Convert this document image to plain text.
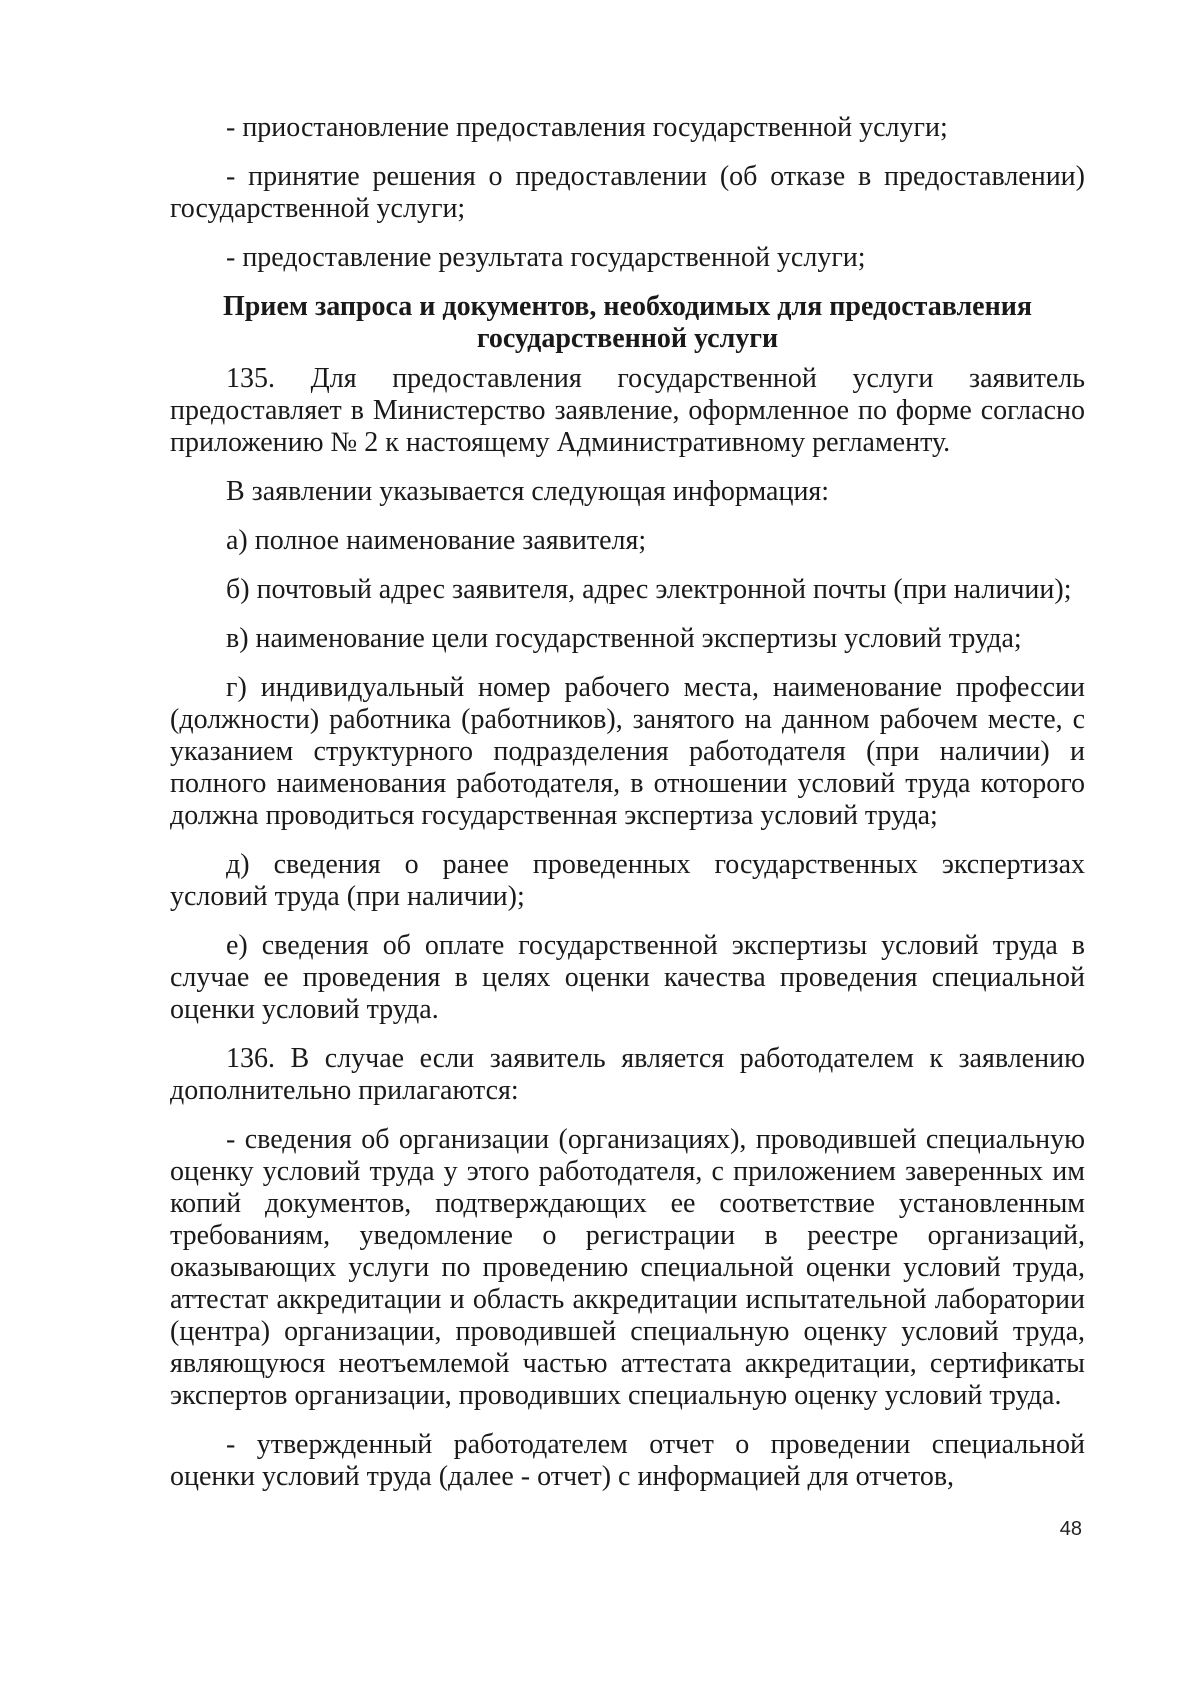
- приостановление предоставления государственной услуги;

- принятие решения о предоставлении (об отказе в предоставлении) государственной услуги;

- предоставление результата государственной услуги;

Прием запроса и документов, необходимых для предоставления
государственной услуги

135. Для предоставления государственной услуги заявитель предоставляет в Министерство заявление, оформленное по форме согласно приложению № 2 к настоящему Административному регламенту.

В заявлении указывается следующая информация:

а) полное наименование заявителя;

б) почтовый адрес заявителя, адрес электронной почты (при наличии);

в) наименование цели государственной экспертизы условий труда;

г) индивидуальный номер рабочего места, наименование профессии (должности) работника (работников), занятого на данном рабочем месте, с указанием структурного подразделения работодателя (при наличии) и полного наименования работодателя, в отношении условий труда которого должна проводиться государственная экспертиза условий труда;

д) сведения о ранее проведенных государственных экспертизах условий труда (при наличии);

е) сведения об оплате государственной экспертизы условий труда в случае ее проведения в целях оценки качества проведения специальной оценки условий труда.

136. В случае если заявитель является работодателем к заявлению дополнительно прилагаются:

- сведения об организации (организациях), проводившей специальную оценку условий труда у этого работодателя, с приложением заверенных им копий документов, подтверждающих ее соответствие установленным требованиям, уведомление о регистрации в реестре организаций, оказывающих услуги по проведению специальной оценки условий труда, аттестат аккредитации и область аккредитации испытательной лаборатории (центра) организации, проводившей специальную оценку условий труда, являющуюся неотъемлемой частью аттестата аккредитации, сертификаты экспертов организации, проводивших специальную оценку условий труда.

- утвержденный работодателем отчет о проведении специальной оценки условий труда (далее - отчет) с информацией для отчетов,

48
